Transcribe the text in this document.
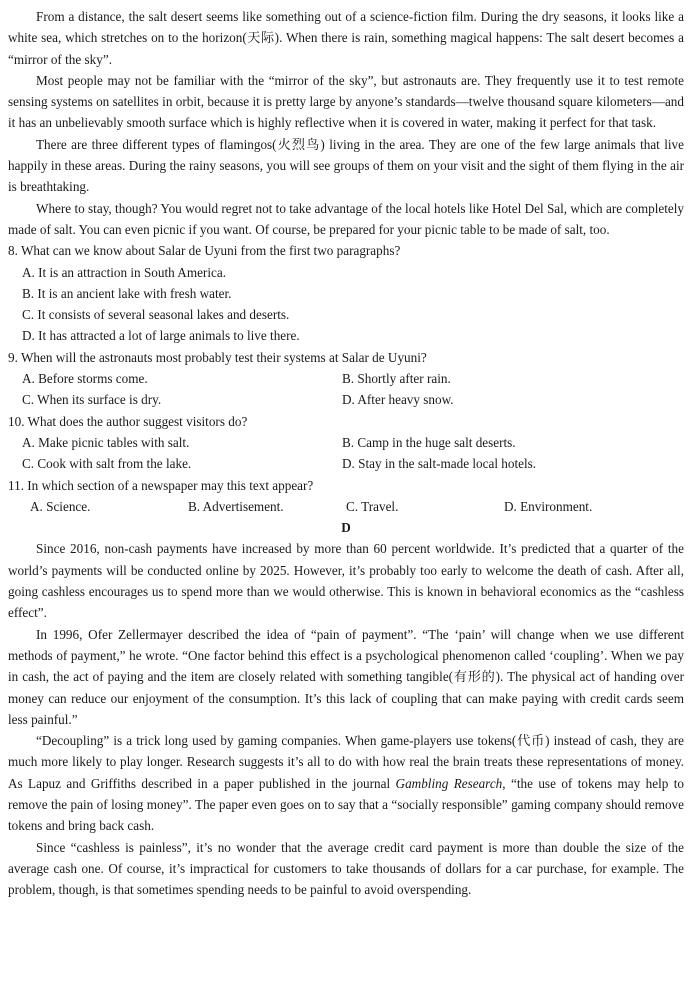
From a distance, the salt desert seems like something out of a science-fiction film. During the dry seasons, it looks like a white sea, which stretches on to the horizon(天际). When there is rain, something magical happens: The salt desert becomes a “mirror of the sky”.

Most people may not be familiar with the “mirror of the sky”, but astronauts are. They frequently use it to test remote sensing systems on satellites in orbit, because it is pretty large by anyone’s standards—twelve thousand square kilometers—and it has an unbelievably smooth surface which is highly reflective when it is covered in water, making it perfect for that task.

There are three different types of flamingos(火烈鸟) living in the area. They are one of the few large animals that live happily in these areas. During the rainy seasons, you will see groups of them on your visit and the sight of them flying in the air is breathtaking.

Where to stay, though? You would regret not to take advantage of the local hotels like Hotel Del Sal, which are completely made of salt. You can even picnic if you want. Of course, be prepared for your picnic table to be made of salt, too.

8. What can we know about Salar de Uyuni from the first two paragraphs?

A. It is an attraction in South America.

B. It is an ancient lake with fresh water.

C. It consists of several seasonal lakes and deserts.

D. It has attracted a lot of large animals to live there.

9. When will the astronauts most probably test their systems at Salar de Uyuni?

A. Before storms come.	B. Shortly after rain.
C. When its surface is dry.	D. After heavy snow.

10. What does the author suggest visitors do?

A. Make picnic tables with salt.	B. Camp in the huge salt deserts.
C. Cook with salt from the lake.	D. Stay in the salt-made local hotels.

11. In which section of a newspaper may this text appear?

A. Science.	B. Advertisement.	C. Travel.	D. Environment.

D

Since 2016, non-cash payments have increased by more than 60 percent worldwide. It’s predicted that a quarter of the world’s payments will be conducted online by 2025. However, it’s probably too early to welcome the death of cash. After all, going cashless encourages us to spend more than we would otherwise. This is known in behavioral economics as the “cashless effect”.

In 1996, Ofer Zellermayer described the idea of “pain of payment”. “The ‘pain’ will change when we use different methods of payment,” he wrote. “One factor behind this effect is a psychological phenomenon called ‘coupling’. When we pay in cash, the act of paying and the item are closely related with something tangible(有形的). The physical act of handing over money can reduce our enjoyment of the consumption. It’s this lack of coupling that can make paying with credit cards seem less painful.”

“Decoupling” is a trick long used by gaming companies. When game-players use tokens(代币) instead of cash, they are much more likely to play longer. Research suggests it’s all to do with how real the brain treats these representations of money. As Lapuz and Griffiths described in a paper published in the journal Gambling Research, “the use of tokens may help to remove the pain of losing money”. The paper even goes on to say that a “socially responsible” gaming company should remove tokens and bring back cash.

Since “cashless is painless”, it’s no wonder that the average credit card payment is more than double the size of the average cash one. Of course, it’s impractical for customers to take thousands of dollars for a car purchase, for example. The problem, though, is that sometimes spending needs to be painful to avoid overspending.
